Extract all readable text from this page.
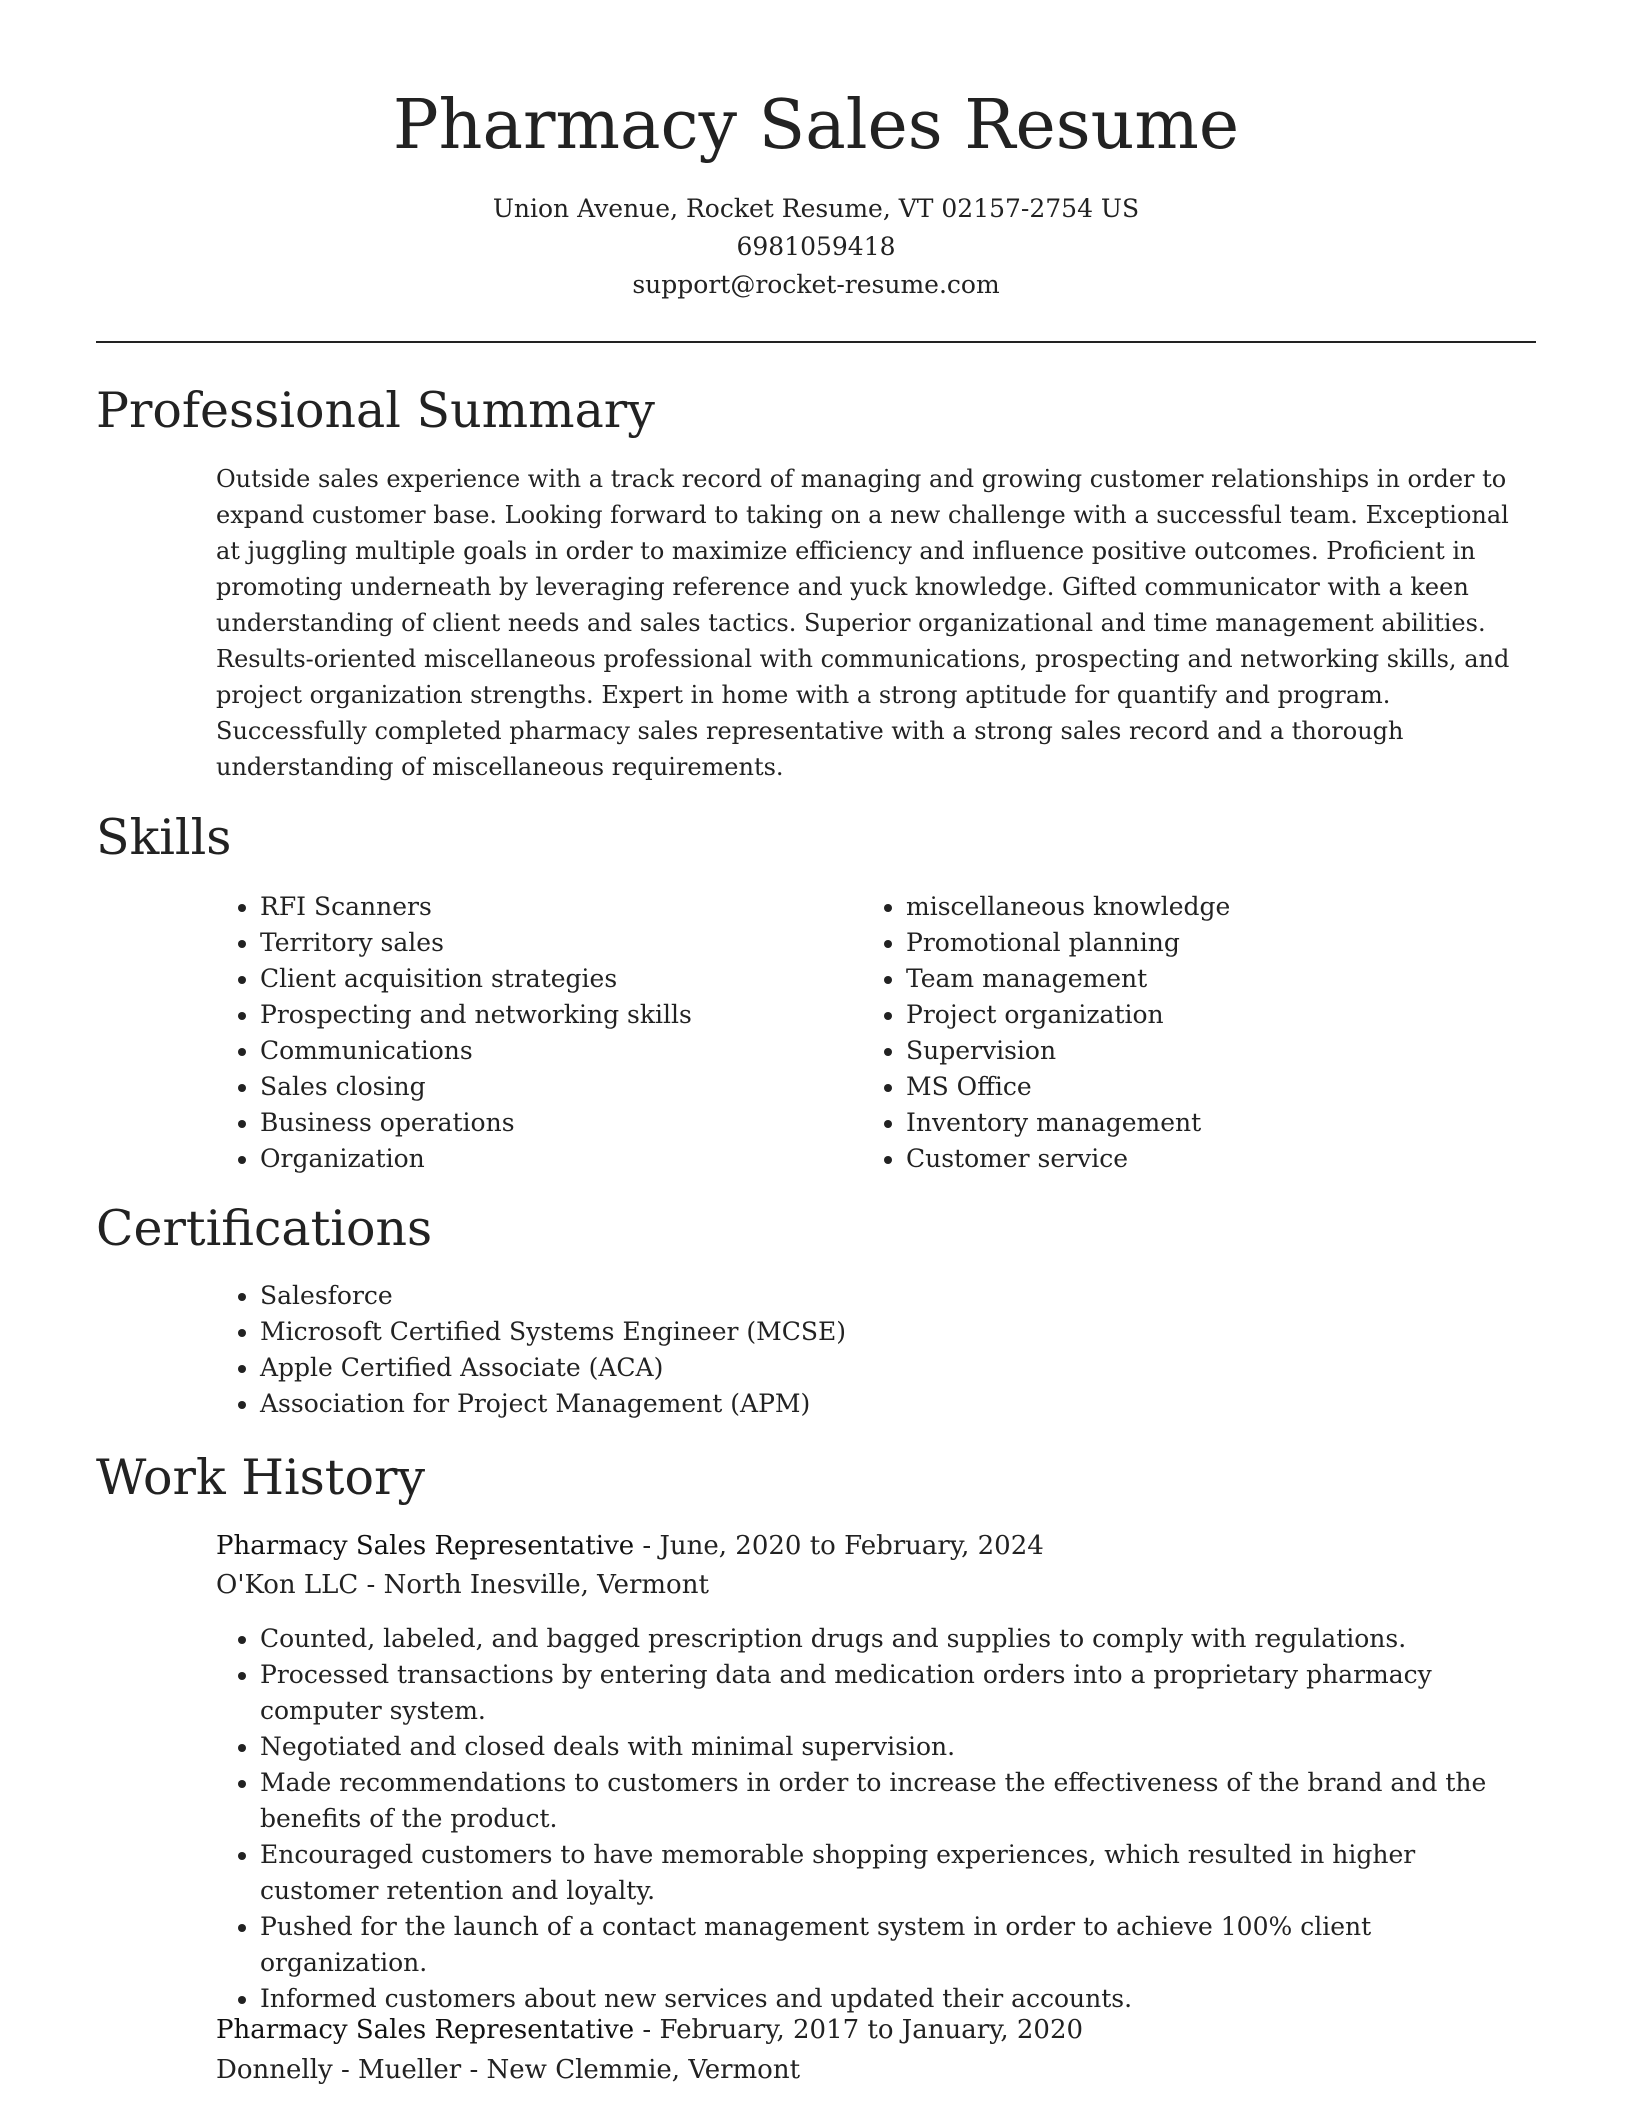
Pharmacy Sales Resume
Union Avenue, Rocket Resume, VT 02157-2754 US
6981059418
support@rocket-resume.com
Professional Summary

Outside sales experience with a track record of managing and growing customer relationships in order to expand customer base. Looking forward to taking on a new challenge with a successful team. Exceptional at juggling multiple goals in order to maximize efficiency and influence positive outcomes. Proficient in promoting underneath by leveraging reference and yuck knowledge. Gifted communicator with a keen understanding of client needs and sales tactics. Superior organizational and time management abilities. Results-oriented miscellaneous professional with communications, prospecting and networking skills, and project organization strengths. Expert in home with a strong aptitude for quantify and program. Successfully completed pharmacy sales representative with a strong sales record and a thorough understanding of miscellaneous requirements.

Skills
• RFI Scanners
• Territory sales
• Client acquisition strategies
• Prospecting and networking skills
• Communications
• Sales closing
• Business operations
• Organization
• miscellaneous knowledge
• Promotional planning
• Team management
• Project organization
• Supervision
• MS Office
• Inventory management
• Customer service
Certifications
• Salesforce
• Microsoft Certified Systems Engineer (MCSE)
• Apple Certified Associate (ACA)
• Association for Project Management (APM)
Work History
Pharmacy Sales Representative - June, 2020 to February, 2024
O'Kon LLC - North Inesville, Vermont
• Counted, labeled, and bagged prescription drugs and supplies to comply with regulations.
• Processed transactions by entering data and medication orders into a proprietary pharmacy computer system.
• Negotiated and closed deals with minimal supervision.
• Made recommendations to customers in order to increase the effectiveness of the brand and the benefits of the product.
• Encouraged customers to have memorable shopping experiences, which resulted in higher customer retention and loyalty.
• Pushed for the launch of a contact management system in order to achieve 100% client organization.
• Informed customers about new services and updated their accounts.
Pharmacy Sales Representative - February, 2017 to January, 2020
Donnelly - Mueller - New Clemmie, Vermont
